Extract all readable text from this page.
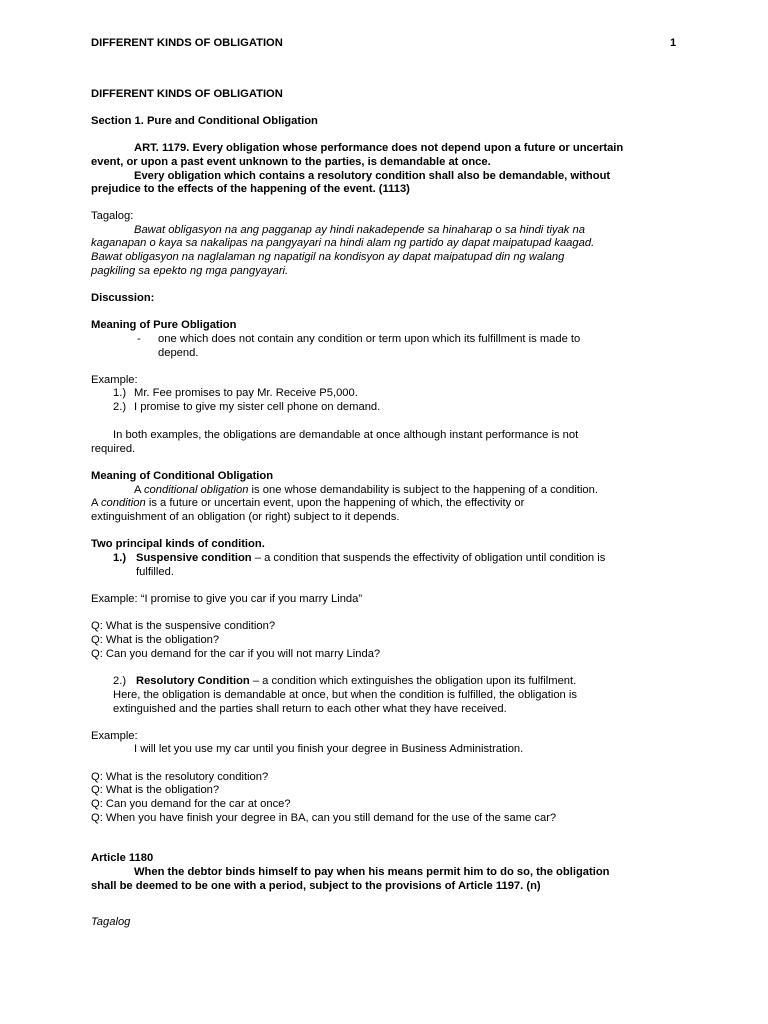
DIFFERENT KINDS OF OBLIGATION	1
DIFFERENT KINDS OF OBLIGATION
Section 1. Pure and Conditional Obligation
ART. 1179. Every obligation whose performance does not depend upon a future or uncertain
event, or upon a past event unknown to the parties, is demandable at once.
Every obligation which contains a resolutory condition shall also be demandable, without
prejudice to the effects of the happening of the event. (1113)
Tagalog:
Bawat obligasyon na ang pagganap ay hindi nakadepende sa hinaharap o sa hindi tiyak na
kaganapan o kaya sa nakalipas na pangyayari na hindi alam ng partido ay dapat maipatupad kaagad.
Bawat obligasyon na naglalaman ng napatigil na kondisyon ay dapat maipatupad din ng walang
pagkiling sa epekto ng mga pangyayari.
Discussion:
Meaning of Pure Obligation
- one which does not contain any condition or term upon which its fulfillment is made to
depend.
Example:
1.) Mr. Fee promises to pay Mr. Receive P5,000.
2.) I promise to give my sister cell phone on demand.
In both examples, the obligations are demandable at once although instant performance is not
required.
Meaning of Conditional Obligation
A conditional obligation is one whose demandability is subject to the happening of a condition.
A condition is a future or uncertain event, upon the happening of which, the effectivity or
extinguishment of an obligation (or right) subject to it depends.
Two principal kinds of condition.
1.) Suspensive condition – a condition that suspends the effectivity of obligation until condition is
fulfilled.
Example: “I promise to give you car if you marry Linda”
Q: What is the suspensive condition?
Q: What is the obligation?
Q: Can you demand for the car if you will not marry Linda?
2.) Resolutory Condition – a condition which extinguishes the obligation upon its fulfilment.
Here, the obligation is demandable at once, but when the condition is fulfilled, the obligation is
extinguished and the parties shall return to each other what they have received.
Example:
I will let you use my car until you finish your degree in Business Administration.
Q: What is the resolutory condition?
Q: What is the obligation?
Q: Can you demand for the car at once?
Q: When you have finish your degree in BA, can you still demand for the use of the same car?
Article 1180
When the debtor binds himself to pay when his means permit him to do so, the obligation
shall be deemed to be one with a period, subject to the provisions of Article 1197. (n)
Tagalog
